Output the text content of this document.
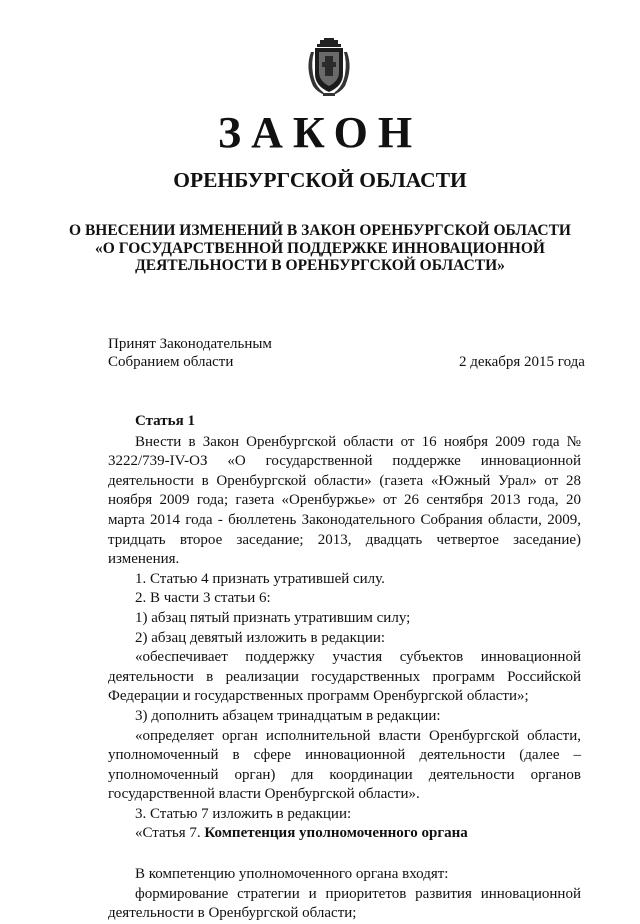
ЗАКОН
ОРЕНБУРГСКОЙ ОБЛАСТИ
О ВНЕСЕНИИ ИЗМЕНЕНИЙ В ЗАКОН ОРЕНБУРГСКОЙ ОБЛАСТИ
«О ГОСУДАРСТВЕННОЙ ПОДДЕРЖКЕ ИННОВАЦИОННОЙ
ДЕЯТЕЛЬНОСТИ В ОРЕНБУРГСКОЙ ОБЛАСТИ»
Принят Законодательным
Собранием области	2 декабря 2015 года
Статья 1

Внести в Закон Оренбургской области от 16 ноября 2009 года № 3222/739-IV-ОЗ «О государственной поддержке инновационной деятельности в Оренбургской области» (газета «Южный Урал» от 28 ноября 2009 года; газета «Оренбуржье» от 26 сентября 2013 года, 20 марта 2014 года - бюллетень Законодательного Собрания области, 2009, тридцать второе заседание; 2013, двадцать четвертое заседание) изменения.

1. Статью 4 признать утратившей силу.

2. В части 3 статьи 6:

1) абзац пятый признать утратившим силу;

2) абзац девятый изложить в редакции:

«обеспечивает поддержку участия субъектов инновационной деятельности в реализации государственных программ Российской Федерации и государственных программ Оренбургской области»;

3) дополнить абзацем тринадцатым в редакции:

«определяет орган исполнительной власти Оренбургской области, уполномоченный в сфере инновационной деятельности (далее – уполномоченный орган) для координации деятельности органов государственной власти Оренбургской области».

3. Статью 7 изложить в редакции:

«Статья 7. Компетенция уполномоченного органа

В компетенцию уполномоченного органа входят:

формирование стратегии и приоритетов развития инновационной деятельности в Оренбургской области;
